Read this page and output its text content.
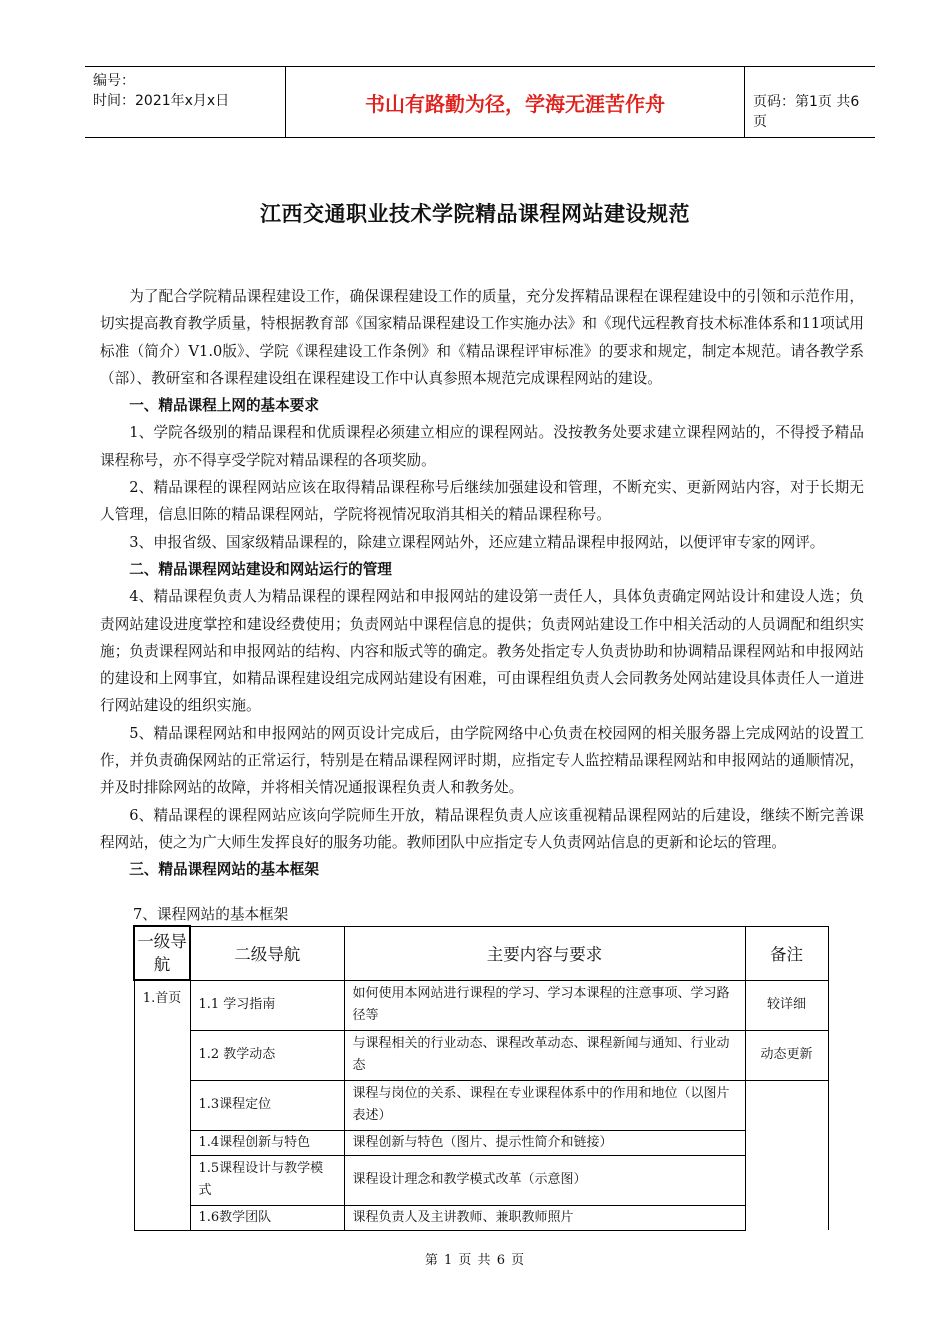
编号：
时间：2021年x月x日	书山有路勤为径，学海无涯苦作舟	页码：第1页 共6页
江西交通职业技术学院精品课程网站建设规范

为了配合学院精品课程建设工作，确保课程建设工作的质量，充分发挥精品课程在课程建设中的引领和示范作用，切实提高教育教学质量，特根据教育部《国家精品课程建设工作实施办法》和《现代远程教育技术标准体系和11项试用标准（简介）V1.0版》、学院《课程建设工作条例》和《精品课程评审标准》的要求和规定，制定本规范。请各教学系（部）、教研室和各课程建设组在课程建设工作中认真参照本规范完成课程网站的建设。

一、精品课程上网的基本要求

1、学院各级别的精品课程和优质课程必须建立相应的课程网站。没按教务处要求建立课程网站的，不得授予精品课程称号，亦不得享受学院对精品课程的各项奖励。

2、精品课程的课程网站应该在取得精品课程称号后继续加强建设和管理，不断充实、更新网站内容，对于长期无人管理，信息旧陈的精品课程网站，学院将视情况取消其相关的精品课程称号。

3、申报省级、国家级精品课程的，除建立课程网站外，还应建立精品课程申报网站，以便评审专家的网评。

二、精品课程网站建设和网站运行的管理

4、精品课程负责人为精品课程的课程网站和申报网站的建设第一责任人，具体负责确定网站设计和建设人选；负责网站建设进度掌控和建设经费使用；负责网站中课程信息的提供；负责网站建设工作中相关活动的人员调配和组织实施；负责课程网站和申报网站的结构、内容和版式等的确定。教务处指定专人负责协助和协调精品课程网站和申报网站的建设和上网事宜，如精品课程建设组完成网站建设有困难，可由课程组负责人会同教务处网站建设具体责任人一道进行网站建设的组织实施。

5、精品课程网站和申报网站的网页设计完成后，由学院网络中心负责在校园网的相关服务器上完成网站的设置工作，并负责确保网站的正常运行，特别是在精品课程网评时期，应指定专人监控精品课程网站和申报网站的通顺情况，并及时排除网站的故障，并将相关情况通报课程负责人和教务处。

6、精品课程的课程网站应该向学院师生开放，精品课程负责人应该重视精品课程网站的后建设，继续不断完善课程网站，使之为广大师生发挥良好的服务功能。教师团队中应指定专人负责网站信息的更新和论坛的管理。

三、精品课程网站的基本框架

7、课程网站的基本框架
一级导航	二级导航	主要内容与要求	备注
1.首页	1.1 学习指南	如何使用本网站进行课程的学习、学习本课程的注意事项、学习路径等	较详细
	1.2 教学动态	与课程相关的行业动态、课程改革动态、课程新闻与通知、行业动态	动态更新
	1.3课程定位	课程与岗位的关系、课程在专业课程体系中的作用和地位（以图片表述）	
	1.4课程创新与特色	课程创新与特色（图片、提示性简介和链接）	
	1.5课程设计与教学模式	课程设计理念和教学模式改革（示意图）	
	1.6教学团队	课程负责人及主讲教师、兼职教师照片	
第 1 页 共 6 页
